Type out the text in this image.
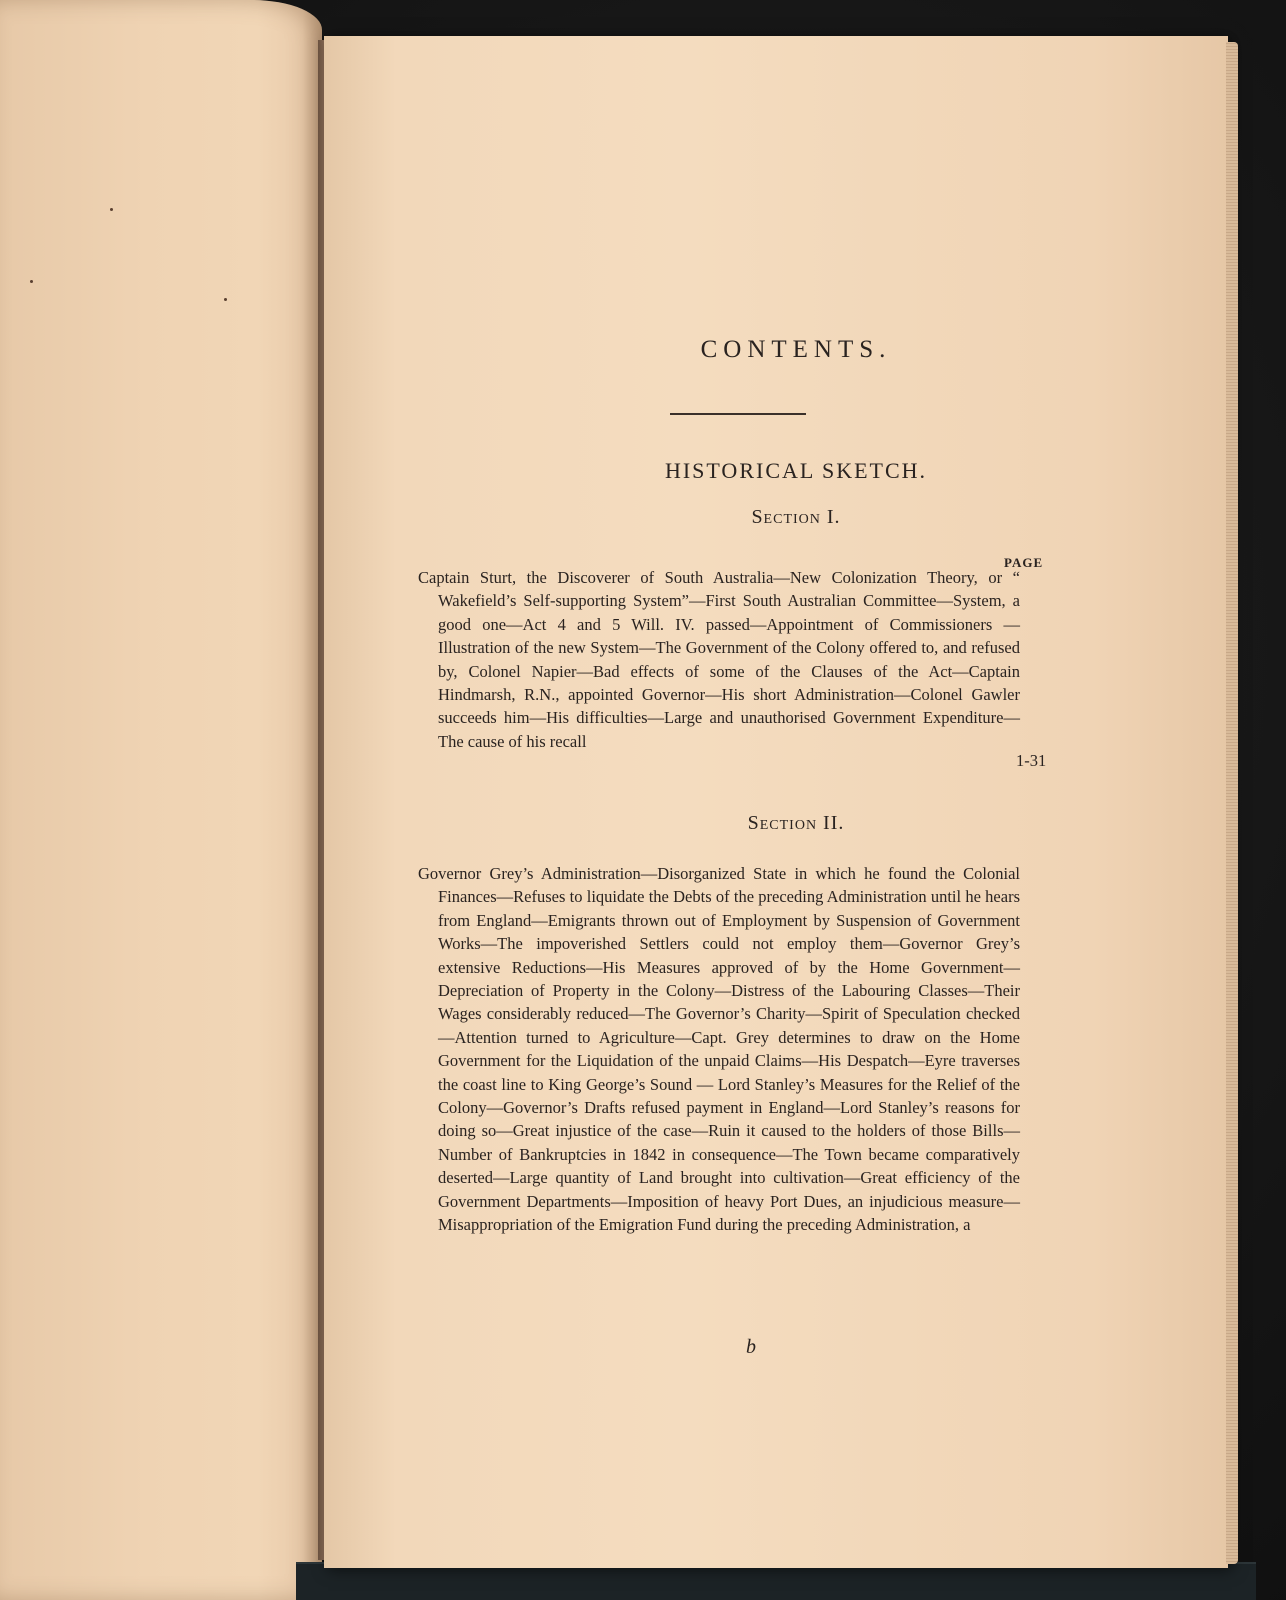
CONTENTS.
HISTORICAL SKETCH.
Section I.
PAGE
Captain Sturt, the Discoverer of South Australia—New Colonization Theory, or “ Wakefield’s Self-supporting System”—First South Australian Committee—System, a good one—Act 4 and 5 Will. IV. passed—Appointment of Commissioners — Illustration of the new System—The Government of the Colony offered to, and refused by, Colonel Napier—Bad effects of some of the Clauses of the Act—Captain Hindmarsh, R.N., appointed Governor—His short Administration—Colonel Gawler succeeds him—His difficulties—Large and unauthorised Government Expenditure—The cause of his recall
1-31
Section II.
Governor Grey’s Administration—Disorganized State in which he found the Colonial Finances—Refuses to liquidate the Debts of the preceding Administration until he hears from England—Emigrants thrown out of Employment by Suspension of Government Works—The impoverished Settlers could not employ them—Governor Grey’s extensive Reductions—His Measures approved of by the Home Government—Depreciation of Property in the Colony—Distress of the Labouring Classes—Their Wages considerably reduced—The Governor’s Charity—Spirit of Speculation checked—Attention turned to Agriculture—Capt. Grey determines to draw on the Home Government for the Liquidation of the unpaid Claims—His Despatch—Eyre traverses the coast line to King George’s Sound — Lord Stanley’s Measures for the Relief of the Colony—Governor’s Drafts refused payment in England—Lord Stanley’s reasons for doing so—Great injustice of the case—Ruin it caused to the holders of those Bills—Number of Bankruptcies in 1842 in consequence—The Town became comparatively deserted—Large quantity of Land brought into cultivation—Great efficiency of the Government Departments—Imposition of heavy Port Dues, an injudicious measure—Misappropriation of the Emigration Fund during the preceding Administration, a
b
